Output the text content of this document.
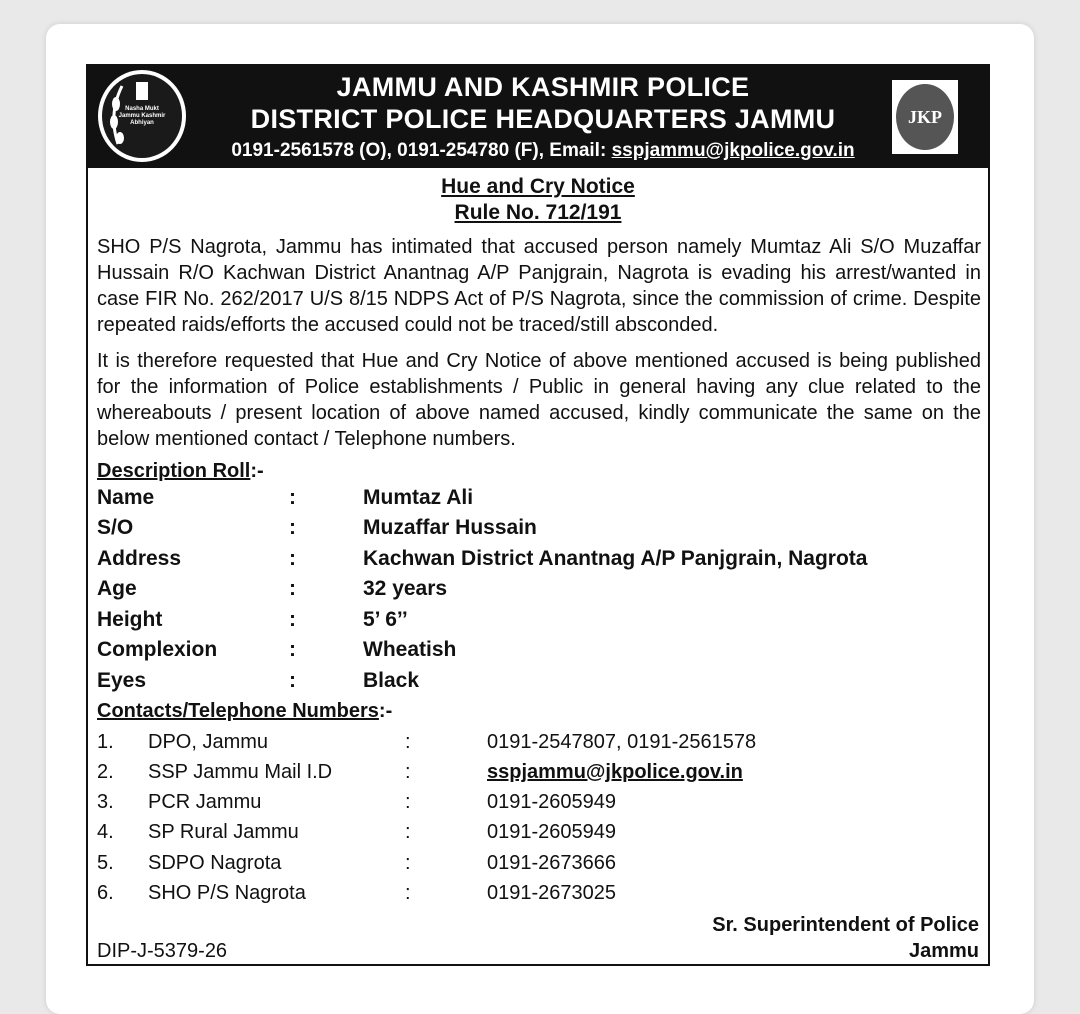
Nasha Mukt Jammu Kashmir Abhiyan
JAMMU AND KASHMIR POLICE
DISTRICT POLICE HEADQUARTERS JAMMU
0191-2561578 (O), 0191-254780 (F), Email: sspjammu@jkpolice.gov.in
JKP
Hue and Cry Notice
Rule No. 712/191

SHO P/S Nagrota, Jammu has intimated that accused person namely Mumtaz Ali S/O Muzaffar Hussain R/O Kachwan District Anantnag A/P Panjgrain, Nagrota is evading his arrest/wanted in case FIR No. 262/2017 U/S 8/15 NDPS Act of P/S Nagrota, since the commission of crime. Despite repeated raids/efforts the accused could not be traced/still absconded.

It is therefore requested that Hue and Cry Notice of above mentioned accused is being published for the information of Police establishments / Public in general having any clue related to the whereabouts / present location of above named accused, kindly communicate the same on the below mentioned contact / Telephone numbers.

Description Roll:-
Name	:	Mumtaz Ali
S/O	:	Muzaffar Hussain
Address	:	Kachwan District Anantnag A/P Panjgrain, Nagrota
Age	:	32 years
Height	:	5’ 6’’
Complexion	:	Wheatish
Eyes	:	Black
Contacts/Telephone Numbers:-
1. DPO, Jammu	:	0191-2547807, 0191-2561578
2. SSP Jammu Mail I.D	:	sspjammu@jkpolice.gov.in
3. PCR Jammu	:	0191-2605949
4. SP Rural Jammu	:	0191-2605949
5. SDPO Nagrota	:	0191-2673666
6. SHO P/S Nagrota	:	0191-2673025
Sr. Superintendent of Police
Jammu
DIP-J-5379-26
